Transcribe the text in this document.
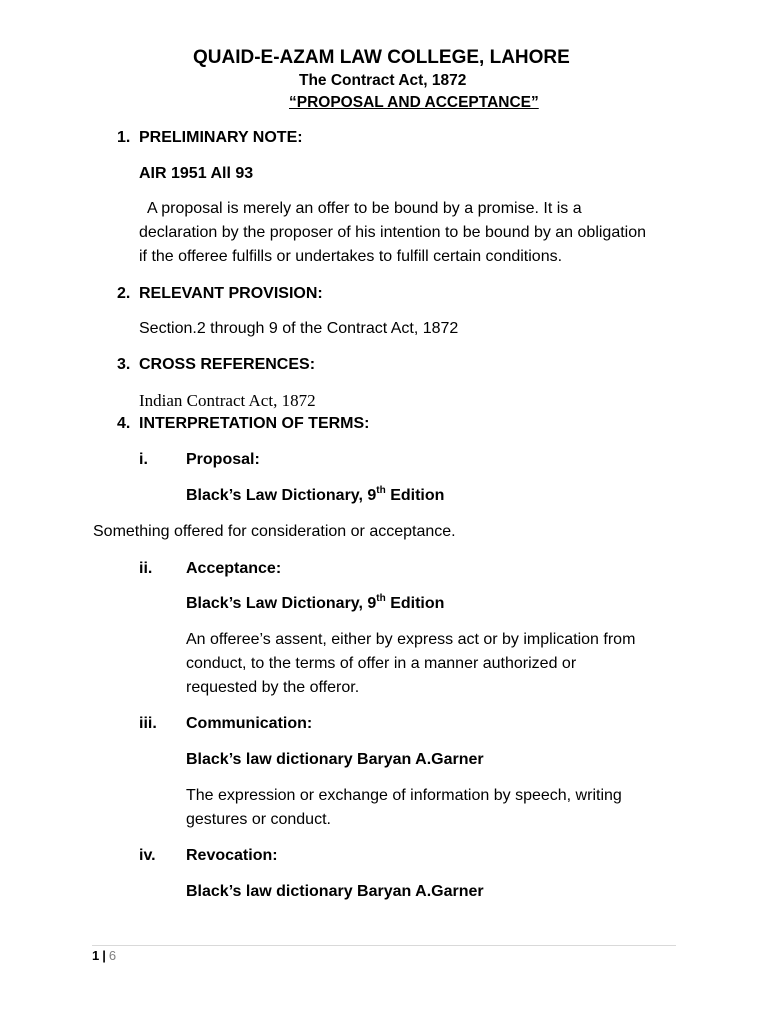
QUAID-E-AZAM LAW COLLEGE, LAHORE
The Contract Act, 1872
“PROPOSAL AND ACCEPTANCE”
1. PRELIMINARY NOTE:
AIR 1951 All 93
A proposal is merely an offer to be bound by a promise. It is a
declaration by the proposer of his intention to be bound by an obligation
if the offeree fulfills or undertakes to fulfill certain conditions.
2. RELEVANT PROVISION:
Section.2 through 9 of the Contract Act, 1872
3. CROSS REFERENCES:
Indian Contract Act, 1872
4. INTERPRETATION OF TERMS:
i. Proposal:
Black’s Law Dictionary, 9th Edition
Something offered for consideration or acceptance.
ii. Acceptance:
Black’s Law Dictionary, 9th Edition
An offeree’s assent, either by express act or by implication from
conduct, to the terms of offer in a manner authorized or
requested by the offeror.
iii. Communication:
Black’s law dictionary Baryan A.Garner
The expression or exchange of information by speech, writing
gestures or conduct.
iv. Revocation:
Black’s law dictionary Baryan A.Garner
1 | 6
